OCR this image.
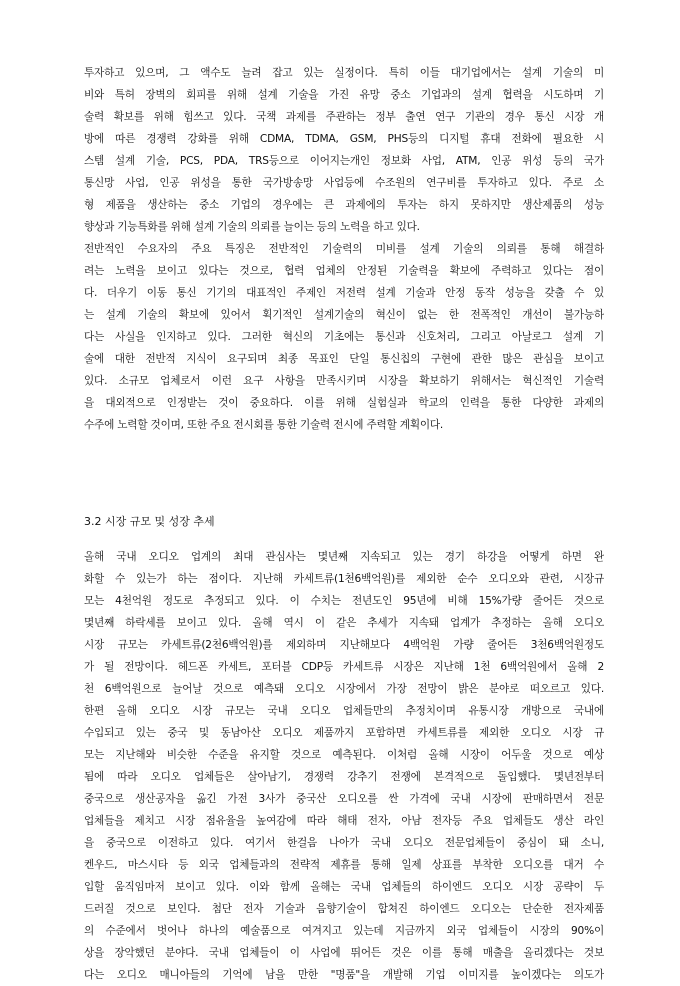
투자하고 있으며, 그 액수도 늘려 잡고 있는 실정이다. 특히 이들 대기업에서는 설계 기술의 미
비와 특허 장벽의 회피를 위해 설계 기술을 가진 유망 중소 기업과의 설계 협력을 시도하며 기
술력 확보를 위해 힘쓰고 있다. 국책 과제를 주관하는 정부 출연 연구 기관의 경우 통신 시장 개
방에 따른 경쟁력 강화를 위해 CDMA, TDMA, GSM, PHS등의 디지털 휴대 전화에 필요한 시
스템 설계 기술, PCS, PDA, TRS등으로 이어지는개인 정보화 사업, ATM, 인공 위성 등의 국가
통신망 사업, 인공 위성을 통한 국가방송망 사업등에 수조원의 연구비를 투자하고 있다. 주로 소
형 제품을 생산하는 중소 기업의 경우에는 큰 과제에의 투자는 하지 못하지만 생산제품의 성능
향상과 기능특화를 위해 설계 기술의 의뢰를 늘이는 등의 노력을 하고 있다.
전반적인 수요자의 주요 특징은 전반적인 기술력의 미비를 설계 기술의 의뢰를 통해 해결하
려는 노력을 보이고 있다는 것으로, 협력 업체의 안정된 기술력을 확보에 주력하고 있다는 점이
다. 더우기 이동 통신 기기의 대표적인 주제인 저전력 설계 기술과 안정 동작 성능을 갖출 수 있
는 설계 기술의 확보에 있어서 획기적인 설계기술의 혁신이 없는 한 전폭적인 개선이 불가능하
다는 사실을 인지하고 있다. 그러한 혁신의 기초에는 통신과 신호처리, 그리고 아날로그 설계 기
술에 대한 전반적 지식이 요구되며 최종 목표인 단일 통신칩의 구현에 관한 많은 관심을 보이고
있다. 소규모 업체로서 이런 요구 사항을 만족시키며 시장을 확보하기 위해서는 혁신적인 기술력
을 대외적으로 인정받는 것이 중요하다. 이를 위해 실험실과 학교의 인력을 통한 다양한 과제의
수주에 노력할 것이며, 또한 주요 전시회를 통한 기술력 전시에 주력할 계획이다.
3.2 시장 규모 및 성장 추세
올해 국내 오디오 업계의 최대 관심사는 몇년째 지속되고 있는 경기 하강을 어떻게 하면 완
화할 수 있는가 하는 점이다. 지난해 카세트류(1천6백억원)를 제외한 순수 오디오와 관련, 시장규
모는 4천억원 정도로 추정되고 있다. 이 수치는 전년도인 95년에 비해 15%가량 줄어든 것으로
몇년째 하락세를 보이고 있다. 올해 역시 이 같은 추세가 지속돼 업계가 추정하는 올해 오디오
시장 규모는 카세트류(2천6백억원)를 제외하며 지난해보다 4백억원 가량 줄어든 3천6백억원정도
가 될 전망이다. 헤드폰 카세트, 포터블 CDP등 카세트류 시장은 지난해 1천 6백억원에서 올해 2
천 6백억원으로 늘어날 것으로 예측돼 오디오 시장에서 가장 전망이 밝은 분야로 떠오르고 있다.
한편 올해 오디오 시장 규모는 국내 오디오 업체들만의 추정치이며 유통시장 개방으로 국내에
수입되고 있는 중국 및 동남아산 오디오 제품까지 포함하면 카세트류를 제외한 오디오 시장 규
모는 지난해와 비슷한 수준을 유지할 것으로 예측된다. 이처럼 올해 시장이 어두울 것으로 예상
됨에 따라 오디오 업체들은 살아남기, 경쟁력 강추기 전쟁에 본격적으로 돌입했다. 몇년전부터
중국으로 생산공자을 옮긴 가전 3사가 중국산 오디오를 싼 가격에 국내 시장에 판매하면서 전문
업체들을 제치고 시장 점유율을 높여감에 따라 해태 전자, 아남 전자등 주요 업체들도 생산 라인
을 중국으로 이전하고 있다. 여기서 한걸음 나아가 국내 오디오 전문업체들이 중심이 돼 소니,
켄우드, 마스시타 등 외국 업체들과의 전략적 제휴를 통해 일제 상표를 부착한 오디오를 대거 수
입할 움직임마저 보이고 있다. 이와 함께 올해는 국내 업체들의 하이엔드 오디오 시장 공략이 두
드러질 것으로 보인다. 첨단 전자 기술과 음향기술이 합쳐진 하이엔드 오디오는 단순한 전자제품
의 수준에서 벗어나 하나의 예술품으로 여겨지고 있는데 지금까지 외국 업체들이 시장의 90%이
상을 장악했던 분야다. 국내 업체들이 이 사업에 뛰어든 것은 이를 통해 매출을 올리겠다는 것보
다는 오디오 매니아들의 기억에 남을 만한 "명품"을 개발해 기업 이미지를 높이겠다는 의도가
